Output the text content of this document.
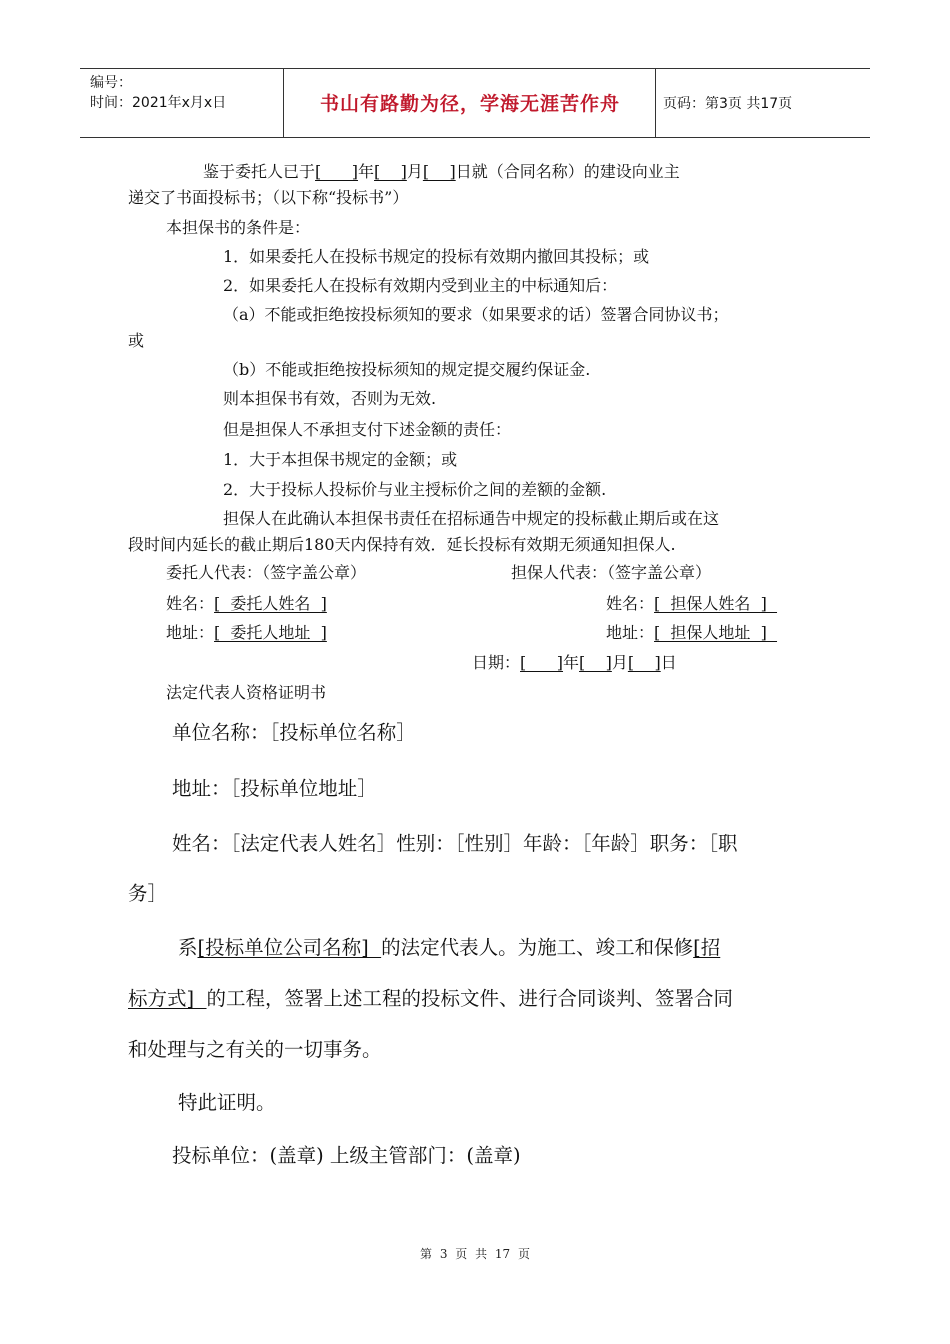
编号：
时间：2021年x月x日	书山有路勤为径，学海无涯苦作舟	页码：第3页 共17页
鉴于委托人已于[      ]年[    ]月[    ]日就（合同名称）的建设向业主
递交了书面投标书；（以下称“投标书”）
本担保书的条件是：
1．如果委托人在投标书规定的投标有效期内撤回其投标；或
2．如果委托人在投标有效期内受到业主的中标通知后：
（a）不能或拒绝按投标须知的要求（如果要求的话）签署合同协议书；
或
（b）不能或拒绝按投标须知的规定提交履约保证金.
则本担保书有效，否则为无效.
但是担保人不承担支付下述金额的责任：
1．大于本担保书规定的金额；或
2．大于投标人投标价与业主授标价之间的差额的金额.
担保人在此确认本担保书责任在招标通告中规定的投标截止期后或在这
段时间内延长的截止期后180天内保持有效．延长投标有效期无须通知担保人.
委托人代表：（签字盖公章）	担保人代表：（签字盖公章）
姓名：[  委托人姓名  ]	姓名：[  担保人姓名  ]
地址：[  委托人地址  ]	地址：[  担保人地址  ]
日期：[      ]年[    ]月[    ]日
法定代表人资格证明书
单位名称：［投标单位名称］
地址：［投标单位地址］
姓名：［法定代表人姓名］性别：［性别］年龄：［年龄］职务：［职
务］
系[投标单位公司名称]  的法定代表人。为施工、竣工和保修[招
标方式]  的工程，签署上述工程的投标文件、进行合同谈判、签署合同
和处理与之有关的一切事务。
特此证明。
投标单位：(盖章) 上级主管部门：(盖章)
第 3 页 共 17 页
